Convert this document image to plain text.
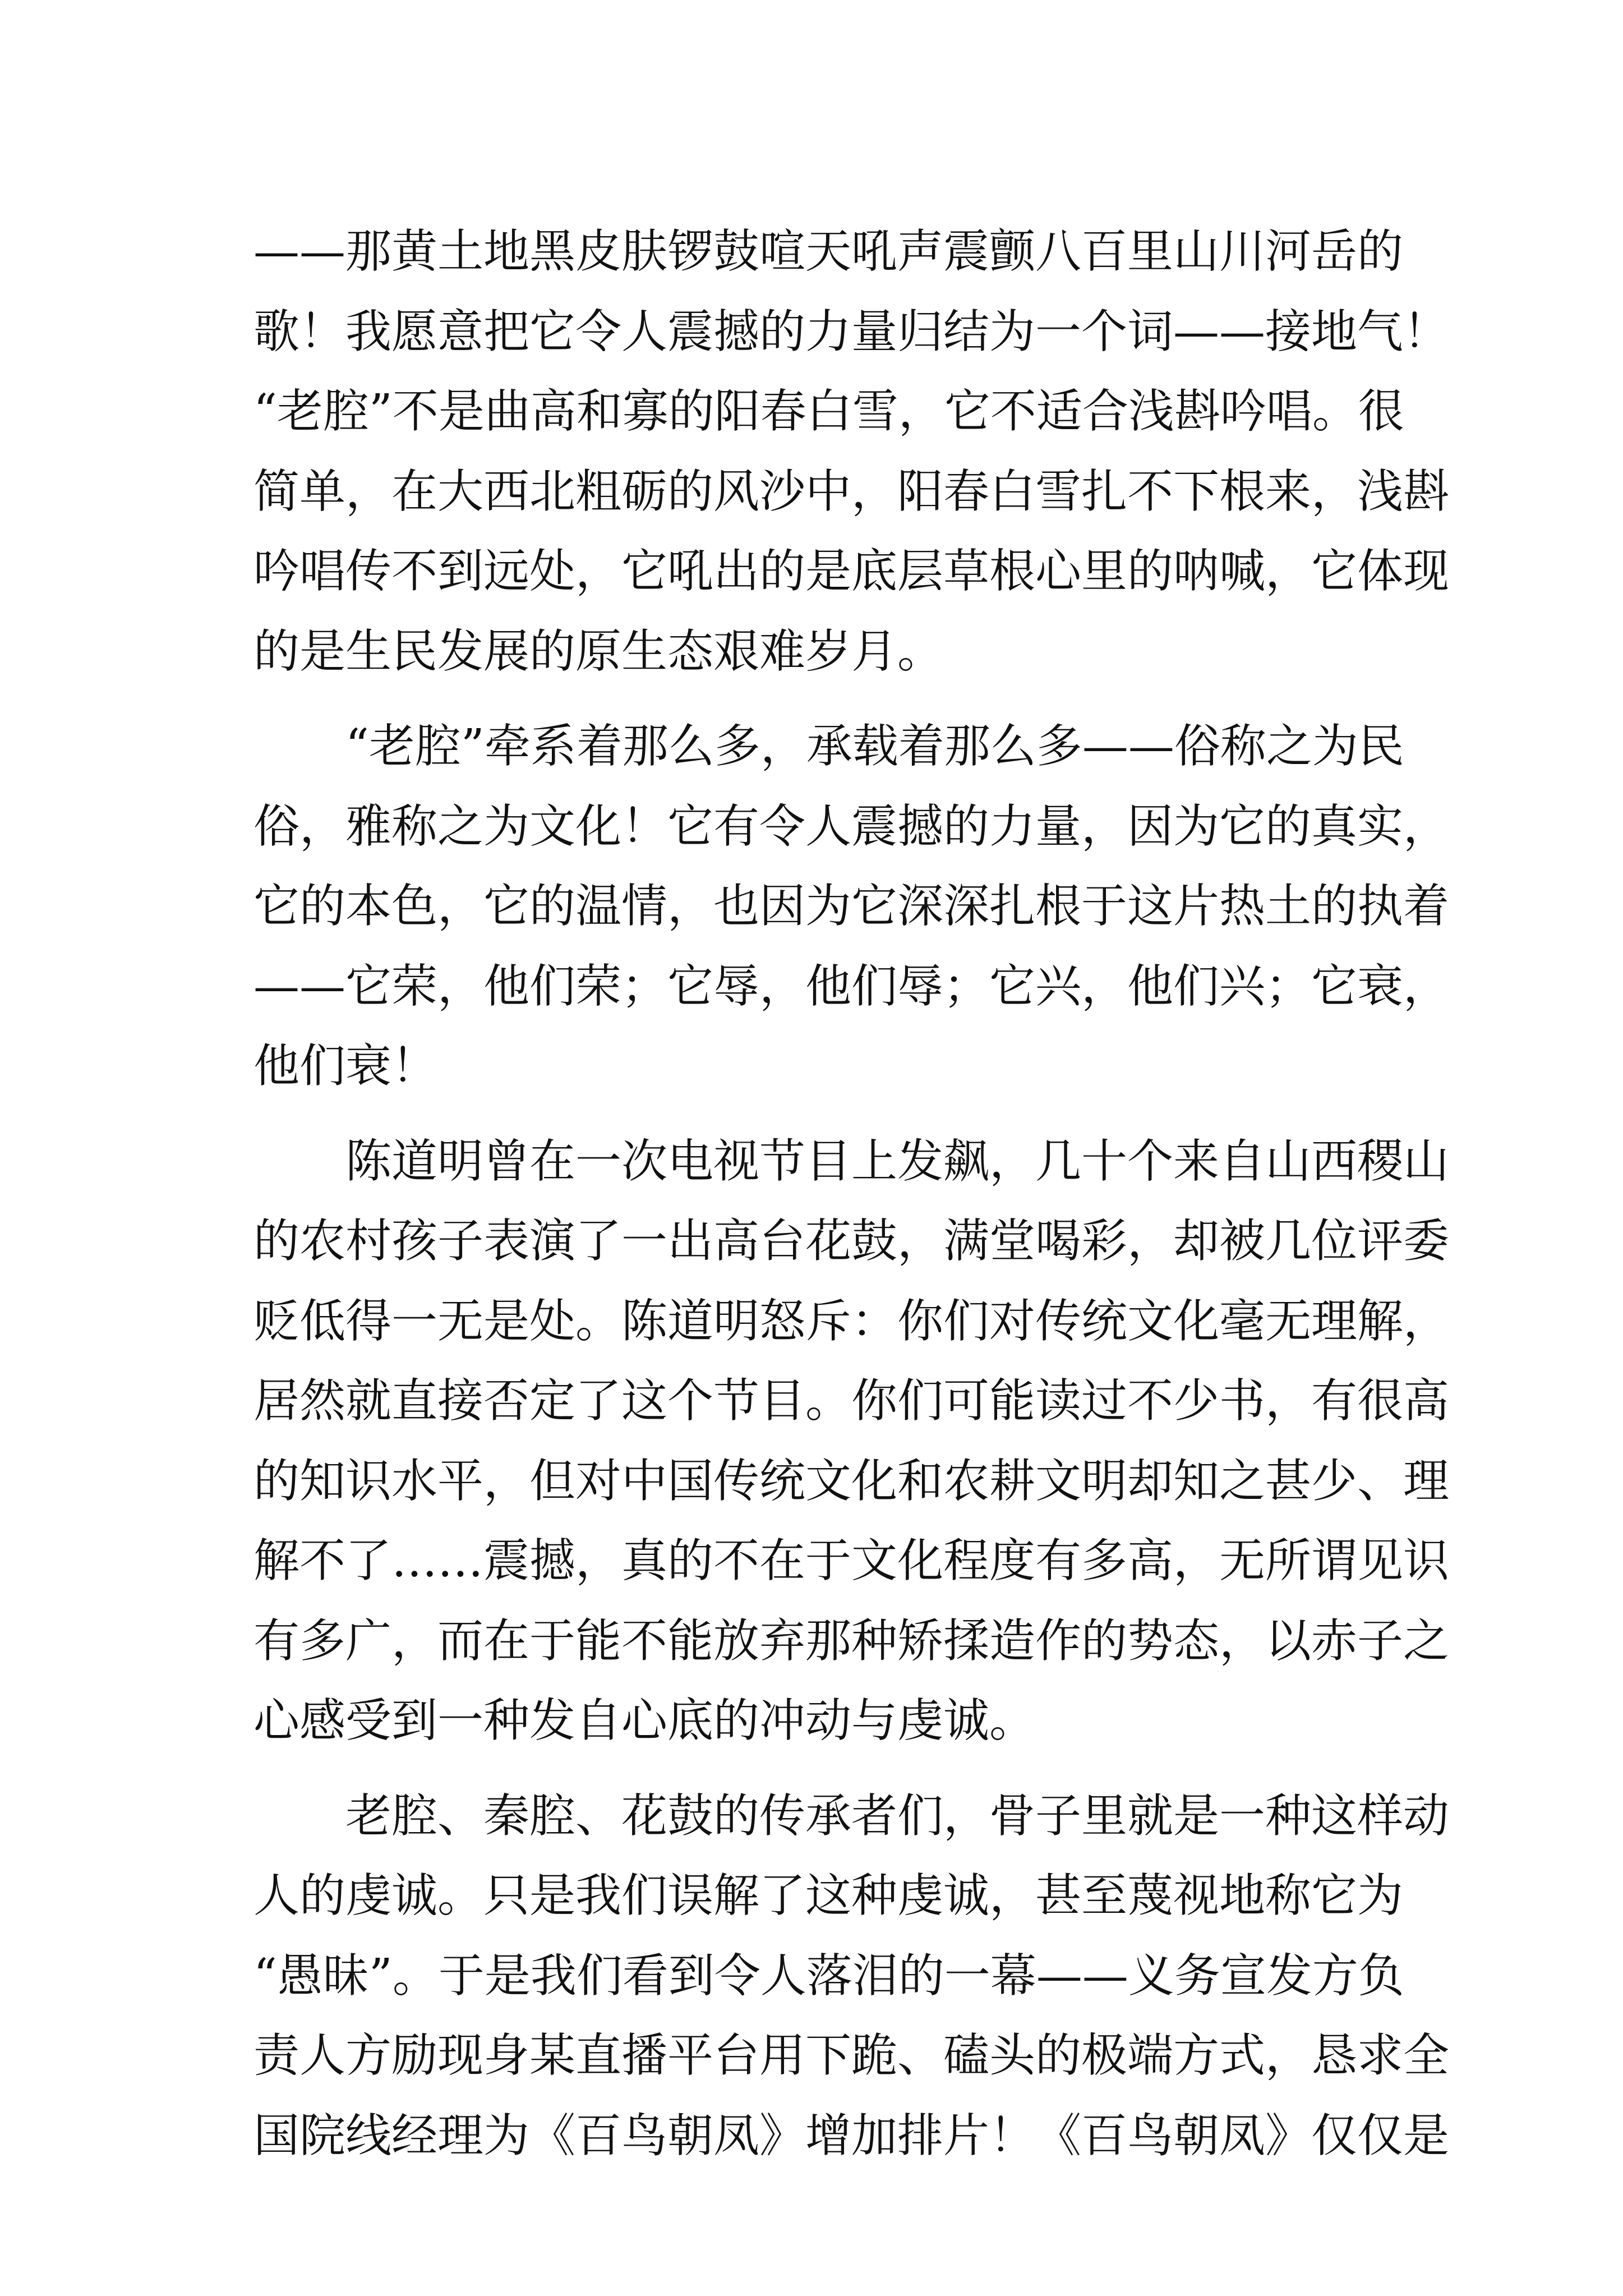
——那黄土地黑皮肤锣鼓喧天吼声震颤八百里山川河岳的
歌！我愿意把它令人震撼的力量归结为一个词——接地气！
“老腔”不是曲高和寡的阳春白雪，它不适合浅斟吟唱。很
简单，在大西北粗砺的风沙中，阳春白雪扎不下根来，浅斟
吟唱传不到远处，它吼出的是底层草根心里的呐喊，它体现
的是生民发展的原生态艰难岁月。
“老腔”牵系着那么多，承载着那么多——俗称之为民
俗，雅称之为文化！它有令人震撼的力量，因为它的真实，
它的本色，它的温情，也因为它深深扎根于这片热土的执着
——它荣，他们荣；它辱，他们辱；它兴，他们兴；它衰，
他们衰！
陈道明曾在一次电视节目上发飙，几十个来自山西稷山
的农村孩子表演了一出高台花鼓，满堂喝彩，却被几位评委
贬低得一无是处。陈道明怒斥：你们对传统文化毫无理解，
居然就直接否定了这个节目。你们可能读过不少书，有很高
的知识水平，但对中国传统文化和农耕文明却知之甚少、理
解不了……震撼，真的不在于文化程度有多高，无所谓见识
有多广，而在于能不能放弃那种矫揉造作的势态，以赤子之
心感受到一种发自心底的冲动与虔诚。
老腔、秦腔、花鼓的传承者们，骨子里就是一种这样动
人的虔诚。只是我们误解了这种虔诚，甚至蔑视地称它为
“愚昧”。于是我们看到令人落泪的一幕——义务宣发方负
责人方励现身某直播平台用下跪、磕头的极端方式，恳求全
国院线经理为《百鸟朝凤》增加排片！《百鸟朝凤》仅仅是
